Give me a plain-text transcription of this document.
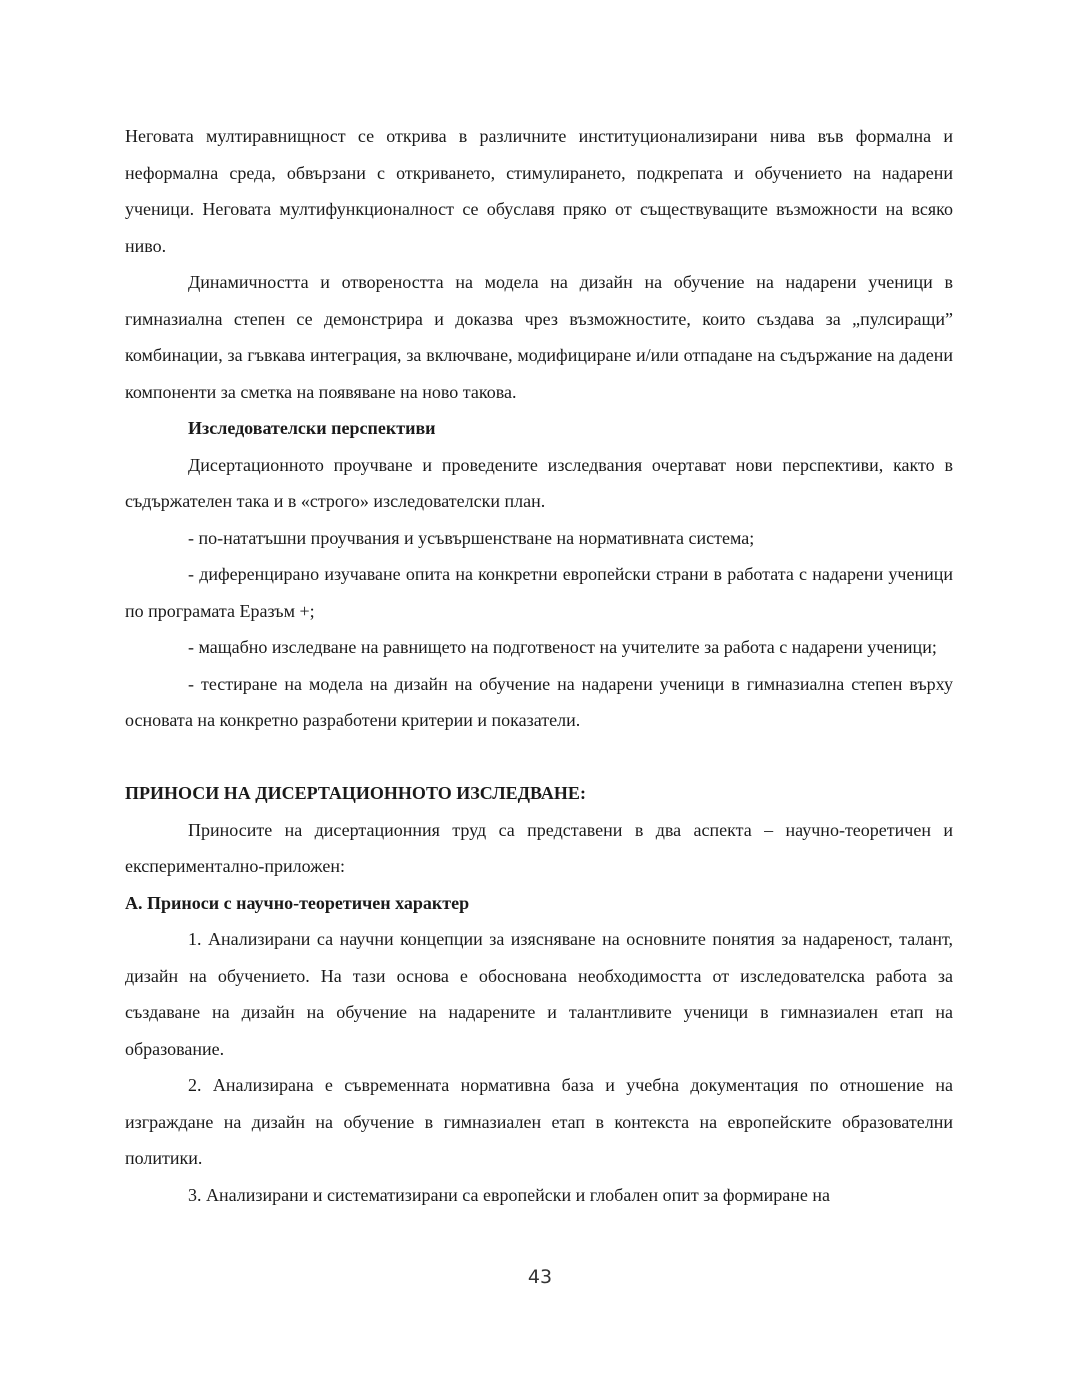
Неговата мултиравнищност се открива в различните институционализирани нива във формална и неформална среда, обвързани с откриването, стимулирането, подкрепата и обучението на надарени ученици. Неговата мултифункционалност се обуславя пряко от съществуващите възможности на всяко ниво.

Динамичността и отвореността на модела на дизайн на обучение на надарени ученици в гимназиална степен се демонстрира и доказва чрез възможностите, които създава за „пулсиращи” комбинации, за гъвкава интеграция, за включване, модифициране и/или отпадане на съдържание на дадени компоненти за сметка на появяване на ново такова.

Изследователски перспективи

Дисертационното проучване и проведените изследвания очертават нови перспективи, както в съдържателен така и в «строго» изследователски план.

- по-нататъшни проучвания и усъвършенстване на нормативната система;

- диференцирано изучаване опита на конкретни европейски страни в работата с надарени ученици по програмата Еразъм +;

- мащабно изследване на равнището на подготвеност на учителите за работа с надарени ученици;

- тестиране на модела на дизайн на обучение на надарени ученици в гимназиална степен върху основата на конкретно разработени критерии и показатели.

ПРИНОСИ НА ДИСЕРТАЦИОННОТО ИЗСЛЕДВАНЕ:

Приносите на дисертационния труд са представени в два аспекта – научно-теоретичен и експериментално-приложен:

А. Приноси с научно-теоретичен характер

1. Анализирани са научни концепции за изясняване на основните понятия за надареност, талант, дизайн на обучението. На тази основа е обоснована необходимостта от изследователска работа за създаване на дизайн на обучение на надарените и талантливите ученици в гимназиален етап на образование.

2. Анализирана е съвременната нормативна база и учебна документация по отношение на изграждане на дизайн на обучение в гимназиален етап в контекста на европейските образователни политики.

3. Анализирани и систематизирани са европейски и глобален опит за формиране на

43
